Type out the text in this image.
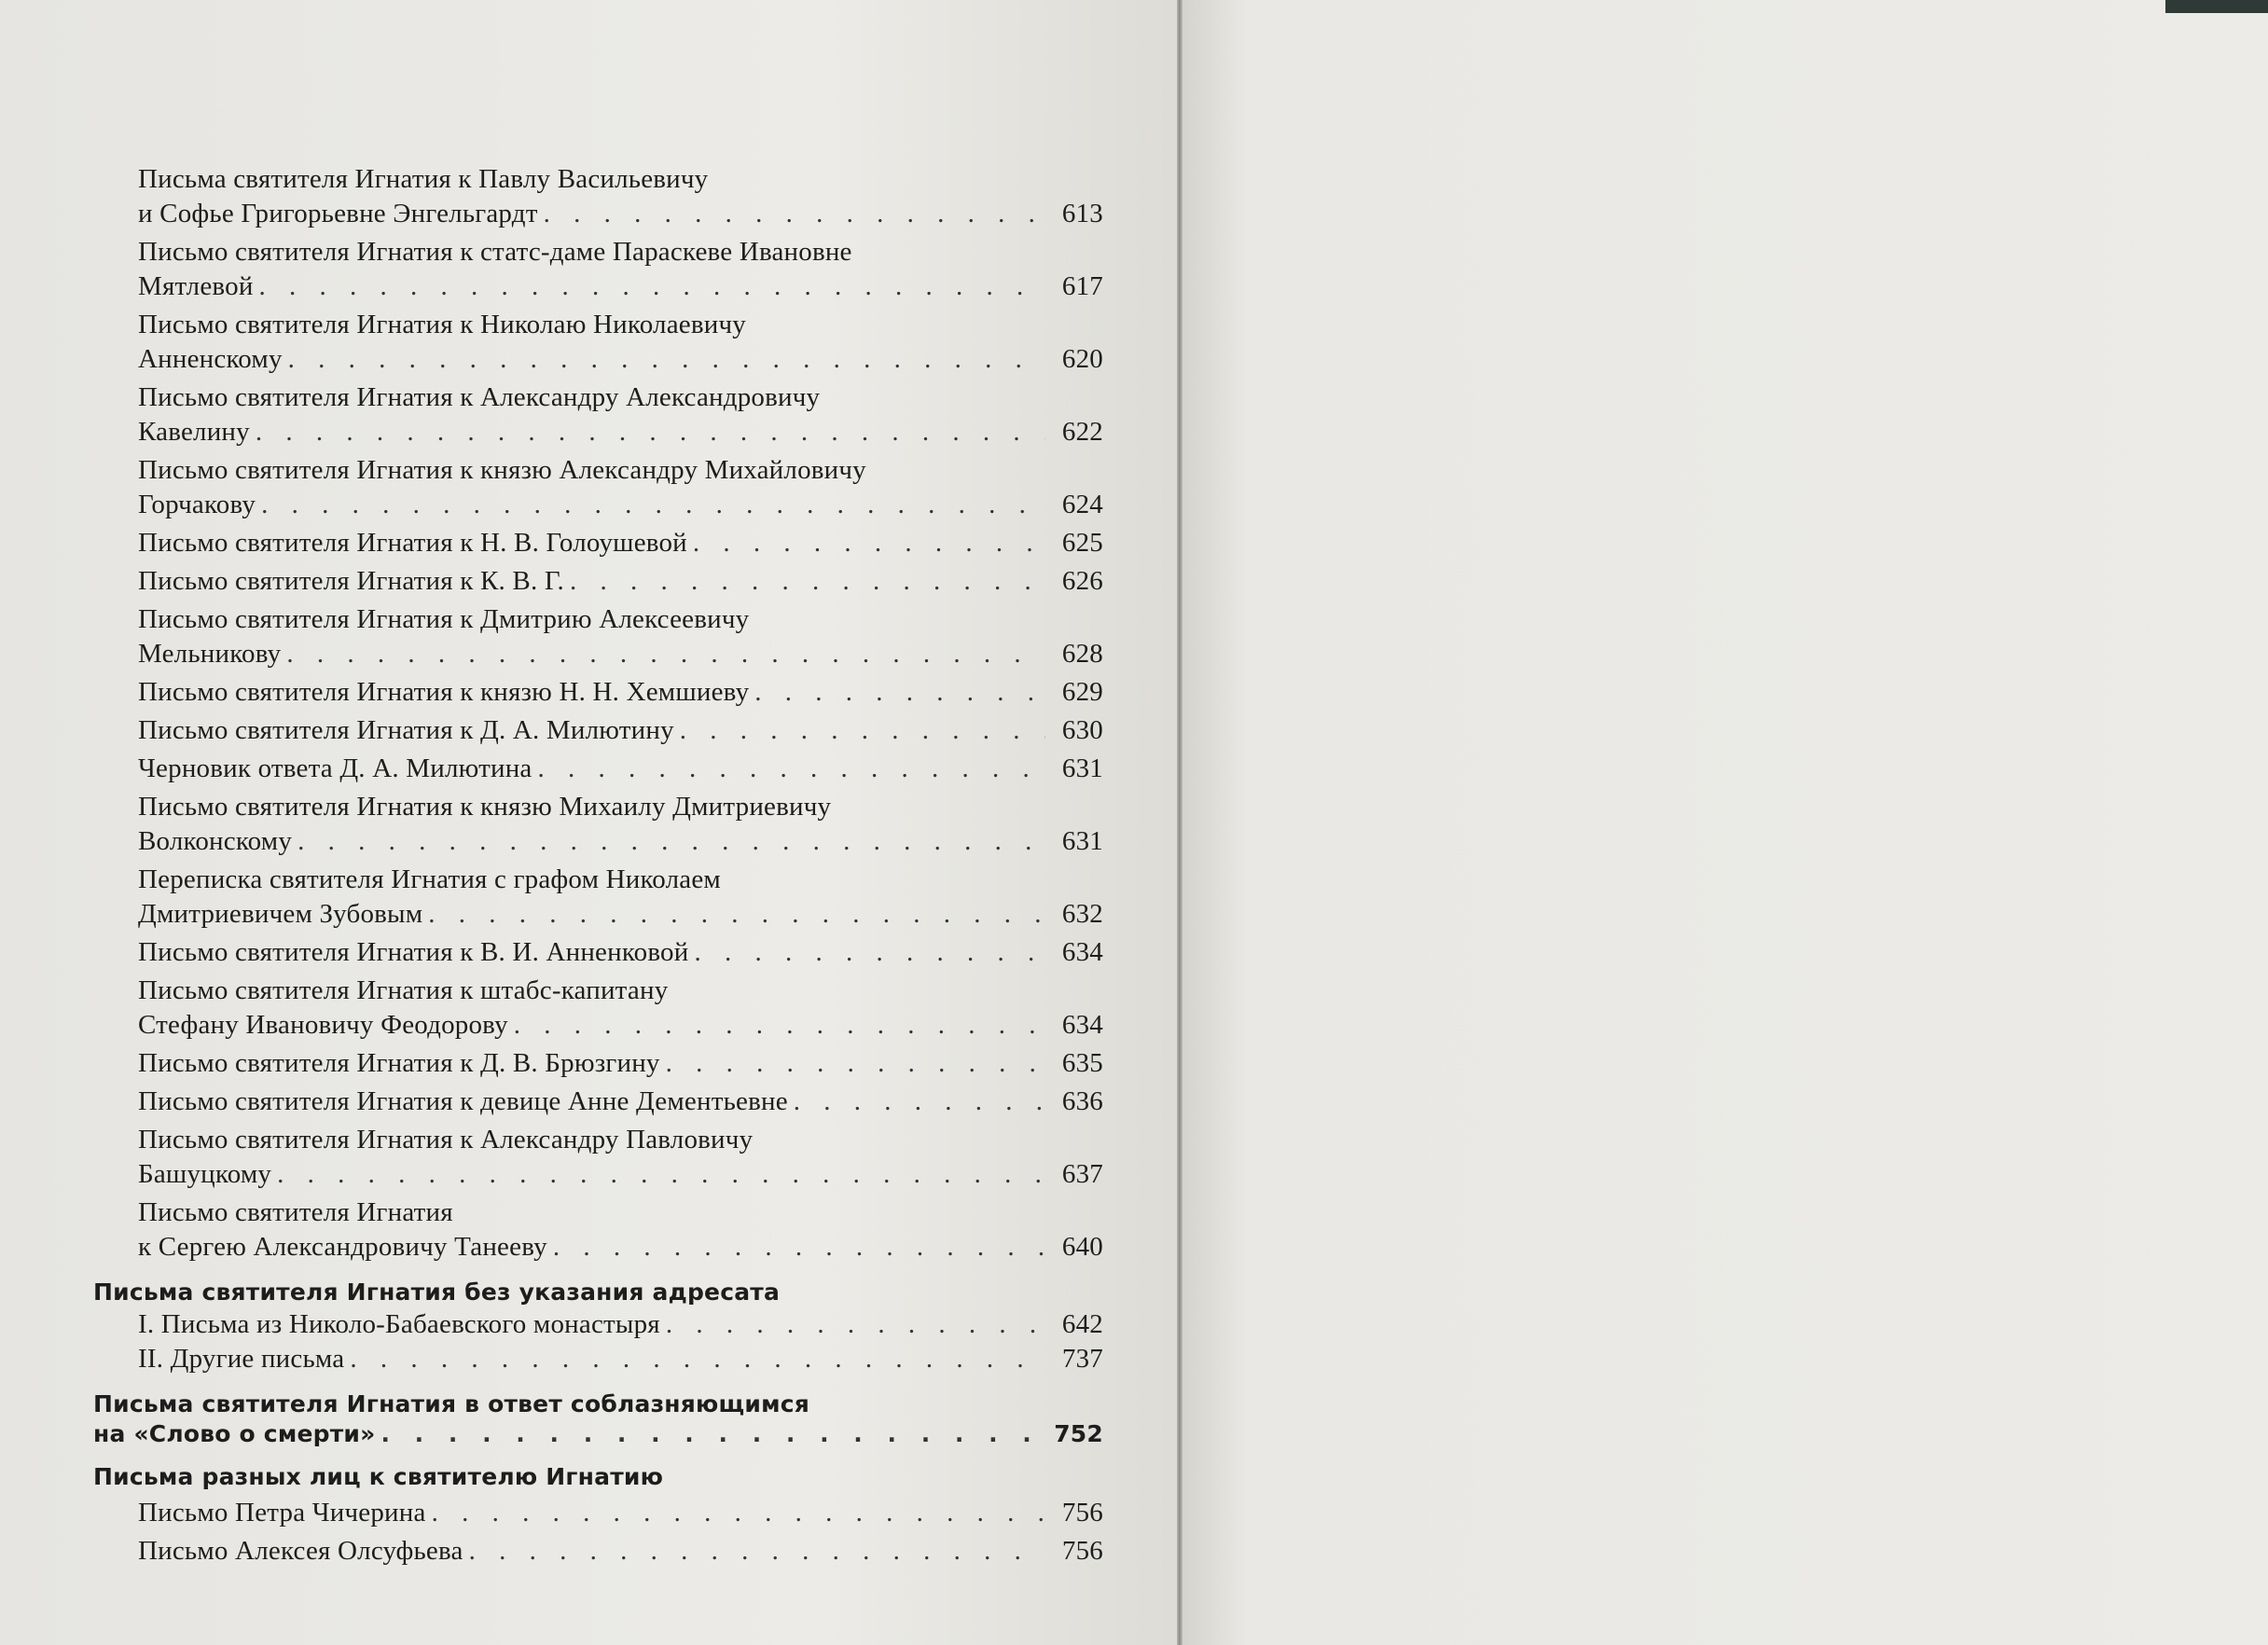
Письма святителя Игнатия к Павлу Васильевичу
и Софье Григорьевне Энгельгардт . . .	613
Письмо святителя Игнатия к статс-даме Параскеве Ивановне
Мятлевой . . .	617
Письмо святителя Игнатия к Николаю Николаевичу
Анненскому . . .	620
Письмо святителя Игнатия к Александру Александровичу
Кавелину . . .	622
Письмо святителя Игнатия к князю Александру Михайловичу
Горчакову . . .	624
Письмо святителя Игнатия к Н. В. Голоушевой . . .	625
Письмо святителя Игнатия к К. В. Г. . . .	626
Письмо святителя Игнатия к Дмитрию Алексеевичу
Мельникову . . .	628
Письмо святителя Игнатия к князю Н. Н. Хемшиеву . . .	629
Письмо святителя Игнатия к Д. А. Милютину . . .	630
Черновик ответа Д. А. Милютина . . .	631
Письмо святителя Игнатия к князю Михаилу Дмитриевичу
Волконскому . . .	631
Переписка святителя Игнатия с графом Николаем
Дмитриевичем Зубовым . . .	632
Письмо святителя Игнатия к В. И. Анненковой . . .	634
Письмо святителя Игнатия к штабс-капитану
Стефану Ивановичу Феодорову . . .	634
Письмо святителя Игнатия к Д. В. Брюзгину . . .	635
Письмо святителя Игнатия к девице Анне Дементьевне . . .	636
Письмо святителя Игнатия к Александру Павловичу
Башуцкому . . .	637
Письмо святителя Игнатия
к Сергею Александровичу Танееву . . .	640
Письма святителя Игнатия без указания адресата
I. Письма из Николо-Бабаевского монастыря . . .	642
II. Другие письма . . .	737
Письма святителя Игнатия в ответ соблазняющимся
на «Слово о смерти» . . .	752
Письма разных лиц к святителю Игнатию
Письмо Петра Чичерина . . .	756
Письмо Алексея Олсуфьева . . .	756
